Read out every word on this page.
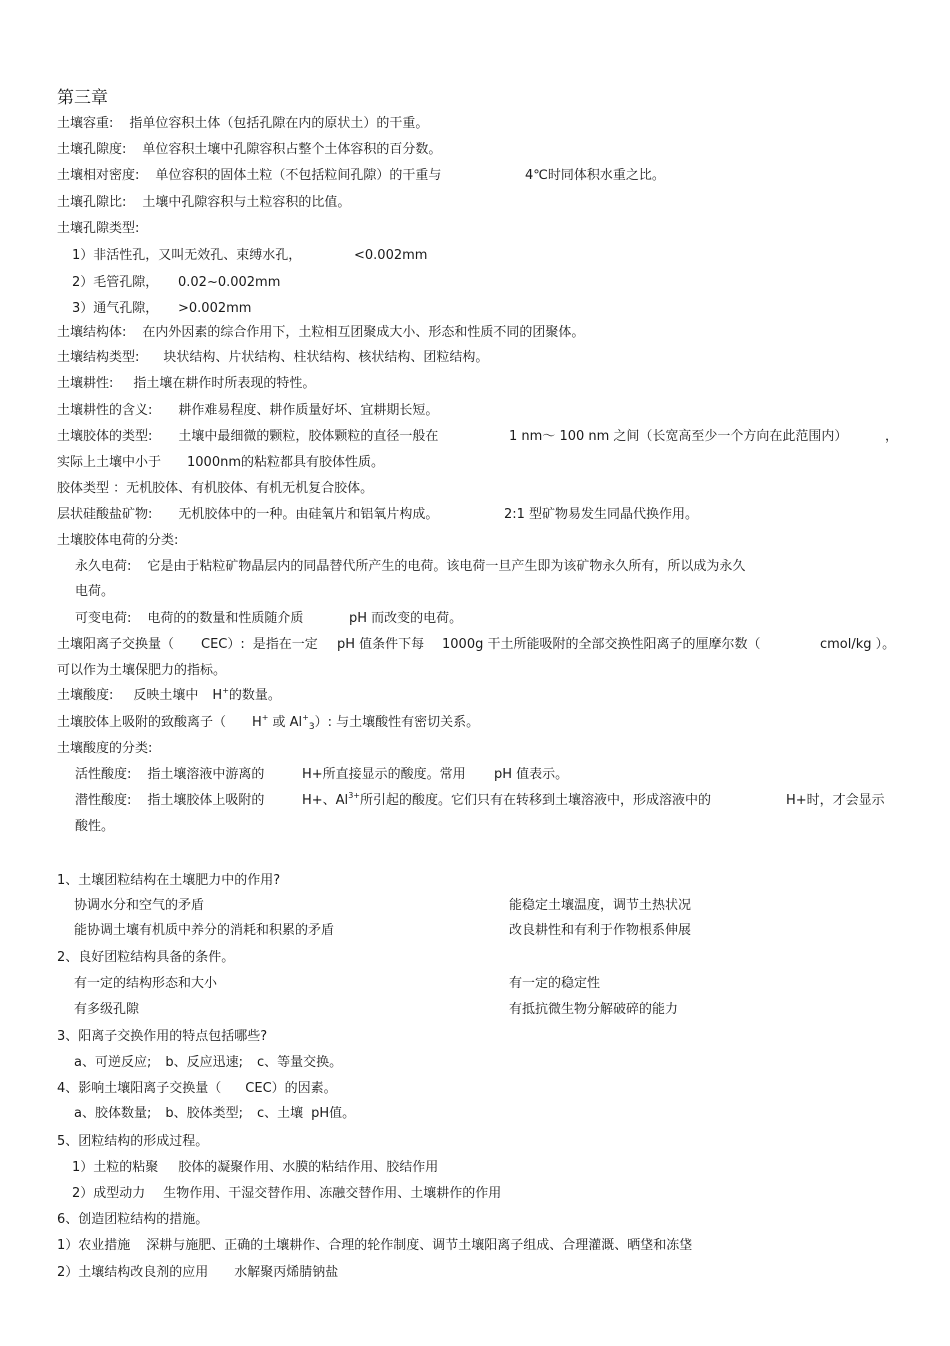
第三章
土壤容重: 指单位容积土体（包括孔隙在内的原状土）的干重。
土壤孔隙度: 单位容积土壤中孔隙容积占整个土体容积的百分数。
土壤相对密度: 单位容积的固体土粒（不包括粒间孔隙）的干重与	4℃时同体积水重之比。
土壤孔隙比: 土壤中孔隙容积与土粒容积的比值。
土壤孔隙类型:
1）非活性孔，又叫无效孔、束缚水孔，	<0.002mm
2）毛管孔隙， 0.02~0.002mm
3）通气孔隙， >0.002mm
土壤结构体: 在内外因素的综合作用下，土粒相互团聚成大小、形态和性质不同的团聚体。
土壤结构类型: 块状结构、片状结构、柱状结构、核状结构、团粒结构。
土壤耕性: 指土壤在耕作时所表现的特性。
土壤耕性的含义: 耕作难易程度、耕作质量好坏、宜耕期长短。
土壤胶体的类型: 土壤中最细微的颗粒，胶体颗粒的直径一般在	1 nm～ 100 nm 之间（长宽高至少一个方向在此范围内）	，
实际上土壤中小于 1000nm的粘粒都具有胶体性质。
胶体类型 ：无机胶体、有机胶体、有机无机复合胶体。
层状硅酸盐矿物: 无机胶体中的一种。由硅氧片和铝氧片构成。	2:1 型矿物易发生同晶代换作用。
土壤胶体电荷的分类:
永久电荷: 它是由于粘粒矿物晶层内的同晶替代所产生的电荷。该电荷一旦产生即为该矿物永久所有，所以成为永久
电荷。
可变电荷: 电荷的的数量和性质随介质	pH 而改变的电荷。
土壤阳离子交换量（ CEC）: 是指在一定 pH 值条件下每 1000g 干土所能吸附的全部交换性阳离子的厘摩尔数（	cmol/kg ）。
可以作为土壤保肥力的指标。
土壤酸度: 反映土壤中 H+的数量。
土壤胶体上吸附的致酸离子（ H+ 或 $Al^+_3$）: 与土壤酸性有密切关系。
土壤酸度的分类:
活性酸度: 指土壤溶液中游离的	H+所直接显示的酸度。常用 pH 值表示。
潜性酸度: 指土壤胶体上吸附的	H+、$Al^{3+}$所引起的酸度。它们只有在转移到土壤溶液中，形成溶液中的	H+时，才会显示
酸性。
1、土壤团粒结构在土壤肥力中的作用?
协调水分和空气的矛盾	能稳定土壤温度，调节土热状况
能协调土壤有机质中养分的消耗和积累的矛盾	改良耕性和有利于作物根系伸展
2、良好团粒结构具备的条件。
有一定的结构形态和大小	有一定的稳定性
有多级孔隙	有抵抗微生物分解破碎的能力
3、阳离子交换作用的特点包括哪些?
a、可逆反应; b、反应迅速; c、等量交换。
4、影响土壤阳离子交换量（ CEC）的因素。
a、胶体数量; b、胶体类型; c、土壤 pH值。
5、团粒结构的形成过程。
1）土粒的粘聚 胶体的凝聚作用、水膜的粘结作用、胶结作用
2）成型动力 生物作用、干湿交替作用、冻融交替作用、土壤耕作的作用
6、创造团粒结构的措施。
1）农业措施 深耕与施肥、正确的土壤耕作、合理的轮作制度、调节土壤阳离子组成、合理灌溉、晒垡和冻垡
2）土壤结构改良剂的应用 水解聚丙烯腈钠盐
